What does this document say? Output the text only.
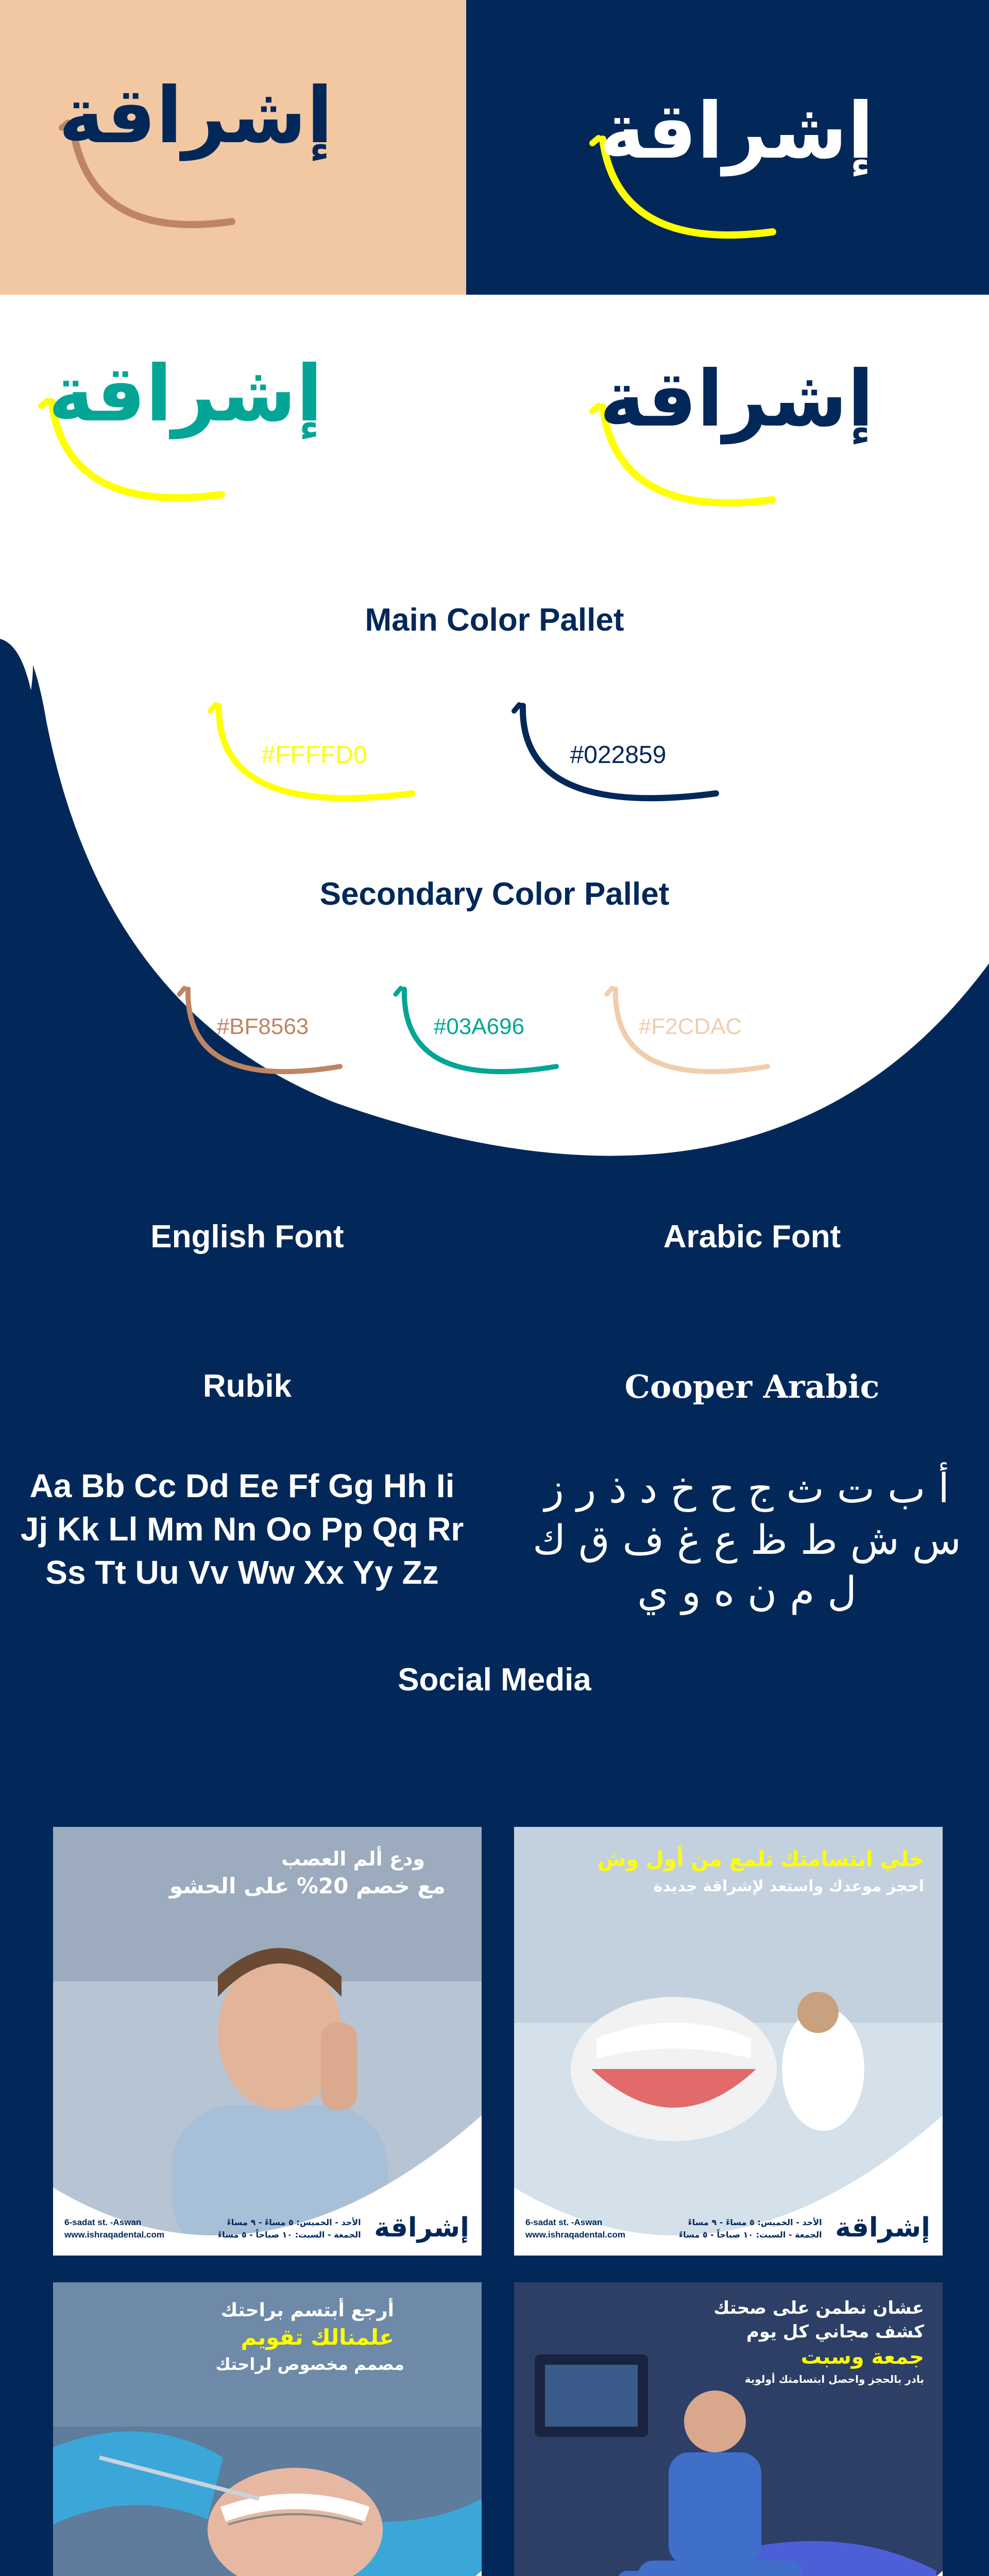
إشراقة	إشراقة
إشراقة	إشراقة
Main Color Pallet
#FFFFD0	#022859
Secondary Color Pallet
#BF8563	#03A696	#F2CDAC
English Font	Arabic Font
Rubik	Cooper Arabic
Aa Bb Cc Dd Ee Ff Gg Hh Ii
Jj Kk Ll Mm Nn Oo Pp Qq Rr
Ss Tt Uu Vv Ww Xx Yy Zz
أ ب ت ث ج ح خ د ذ ر ز
س ش ط ظ ع غ ف ق ك
ل م ن ه و ي
Social Media
خلي ابتسامتك تلمع من أول وش
احجز موعدك واستعد لإشراقة جديدة
6-sadat st. -Aswan
www.ishraqadental.com
الأحد - الخميس: ٥ مساءً - ٩ مساءً
الجمعة - السبت: ١٠ صباحاً - ٥ مساءً إشراقة
ودع ألم العصب
مع خصم 20% على الحشو
6-sadat st. -Aswan
www.ishraqadental.com
الأحد - الخميس: ٥ مساءً - ٩ مساءً
الجمعة - السبت: ١٠ صباحاً - ٥ مساءً إشراقة
عشان نطمن على صحتك
كشف مجاني كل يوم
جمعة وسبت
بادر بالحجز واحصل ابتسامتك أولوية
أرجع أبتسم براحتك
علمنالك تقويم
مصمم مخصوص لراحتك
